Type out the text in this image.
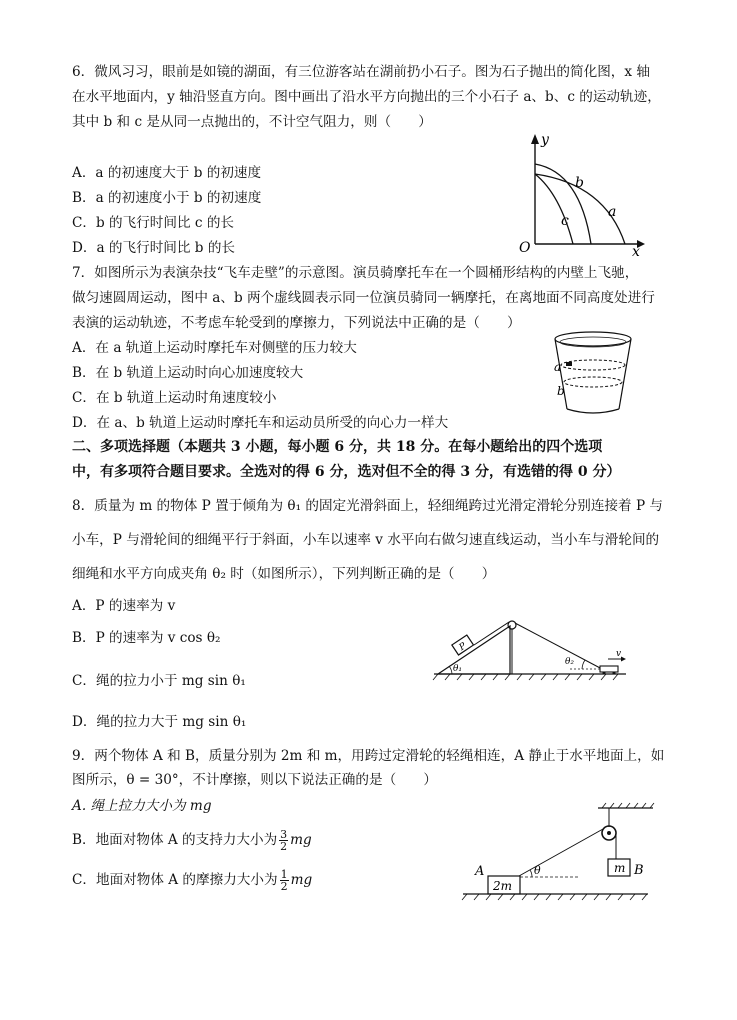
6．微风习习，眼前是如镜的湖面，有三位游客站在湖前扔小石子。图为石子抛出的简化图，x 轴
在水平地面内，y 轴沿竖直方向。图中画出了沿水平方向抛出的三个小石子 a、b、c 的运动轨迹，
其中 b 和 c 是从同一点抛出的，不计空气阻力，则（　　）
A．a 的初速度大于 b 的初速度
B．a 的初速度小于 b 的初速度
C．b 的飞行时间比 c 的长
D．a 的飞行时间比 b 的长
y
x
O
b
a
c
7．如图所示为表演杂技“飞车走壁”的示意图。演员骑摩托车在一个圆桶形结构的内壁上飞驰，
做匀速圆周运动，图中 a、b 两个虚线圆表示同一位演员骑同一辆摩托，在离地面不同高度处进行
表演的运动轨迹，不考虑车轮受到的摩擦力，下列说法中正确的是（　　）
A．在 a 轨道上运动时摩托车对侧壁的压力较大
B．在 b 轨道上运动时向心加速度较大
C．在 b 轨道上运动时角速度较小
D．在 a、b 轨道上运动时摩托车和运动员所受的向心力一样大
a
b
二、多项选择题（本题共 3 小题，每小题 6 分，共 18 分。在每小题给出的四个选项
中，有多项符合题目要求。全选对的得 6 分，选对但不全的得 3 分，有选错的得 0 分）
8．质量为 m 的物体 P 置于倾角为 θ₁ 的固定光滑斜面上，轻细绳跨过光滑定滑轮分别连接着 P 与
小车，P 与滑轮间的细绳平行于斜面，小车以速率 v 水平向右做匀速直线运动，当小车与滑轮间的
细绳和水平方向成夹角 θ₂ 时（如图所示），下列判断正确的是（　　）
A．P 的速率为 v
B．P 的速率为 v cos θ₂
C．绳的拉力小于 mg sin θ₁
D．绳的拉力大于 mg sin θ₁
P
v
θ₁
θ₂
9．两个物体 A 和 B，质量分别为 2m 和 m，用跨过定滑轮的轻绳相连，A 静止于水平地面上，如
图所示，θ = 30°，不计摩擦，则以下说法正确的是（　　）
A. 绳上拉力大小为 mg
B．地面对物体 A 的支持力大小为 $\frac{3}{2}$ mg
C．地面对物体 A 的摩擦力大小为 $\frac{1}{2}$ mg
m B
2m
A	θ
